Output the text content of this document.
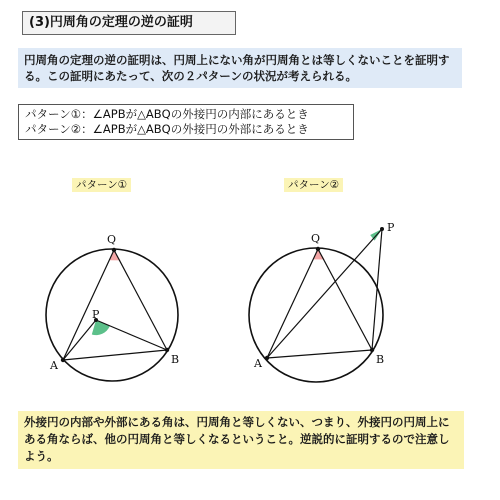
(3)円周角の定理の逆の証明
円周角の定理の逆の証明は、円周上にない角が円周角とは等しくないことを証明する。この証明にあたって、次の２パターンの状況が考えられる。
パターン①：∠APBが△ABQの外接円の内部にあるとき
パターン②：∠APBが△ABQの外接円の外部にあるとき
パターン①	パターン②
Q
P
A	B
Q
P
A	B
外接円の内部や外部にある角は、円周角と等しくない、つまり、外接円の円周上にある角ならば、他の円周角と等しくなるということ。逆説的に証明するので注意しよう。
